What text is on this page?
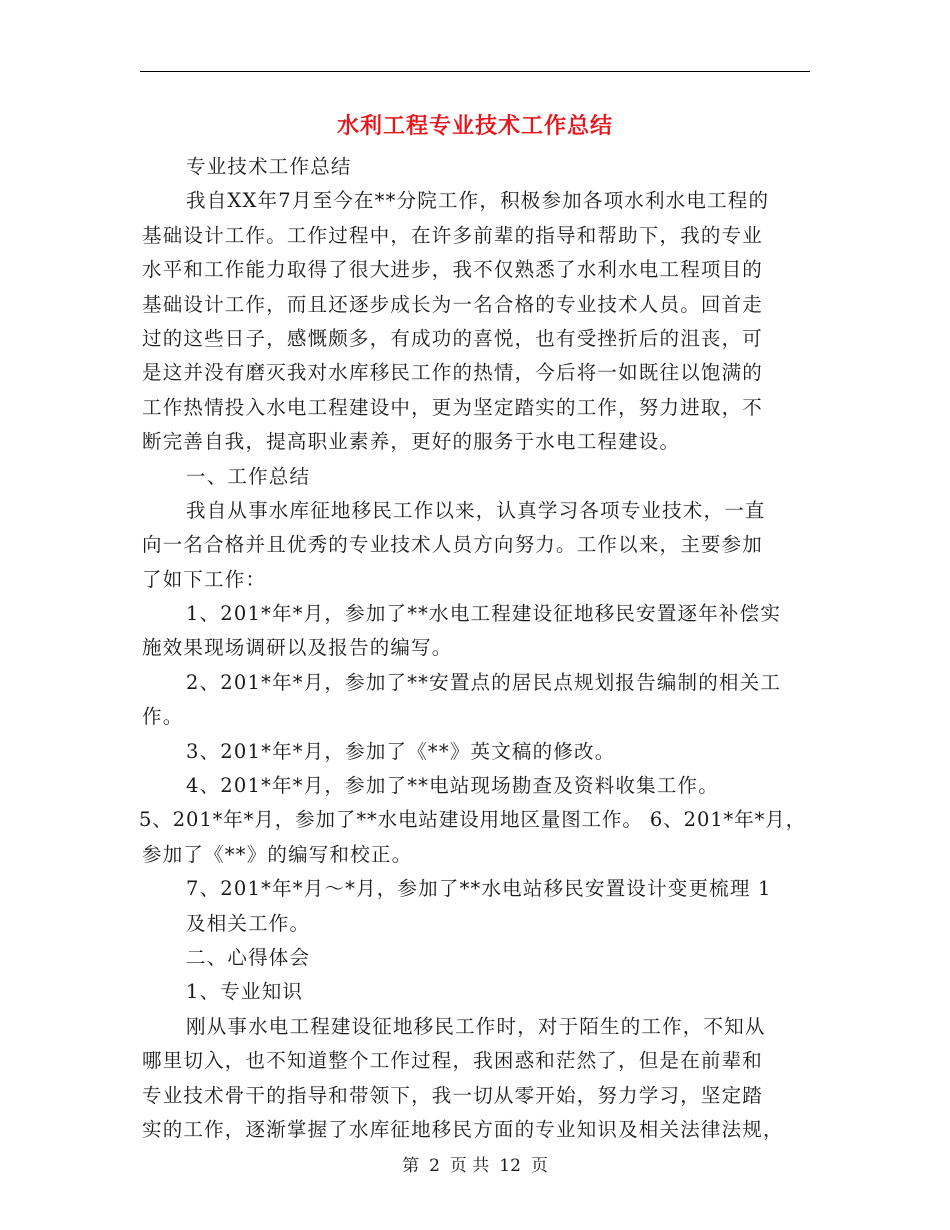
水利工程专业技术工作总结
专业技术工作总结
我自XX年7月至今在**分院工作，积极参加各项水利水电工程的
基础设计工作。工作过程中，在许多前辈的指导和帮助下，我的专业
水平和工作能力取得了很大进步，我不仅熟悉了水利水电工程项目的
基础设计工作，而且还逐步成长为一名合格的专业技术人员。回首走
过的这些日子，感慨颇多，有成功的喜悦，也有受挫折后的沮丧，可
是这并没有磨灭我对水库移民工作的热情，今后将一如既往以饱满的
工作热情投入水电工程建设中，更为坚定踏实的工作，努力进取，不
断完善自我，提高职业素养，更好的服务于水电工程建设。
一、工作总结
我自从事水库征地移民工作以来，认真学习各项专业技术，一直
向一名合格并且优秀的专业技术人员方向努力。工作以来，主要参加
了如下工作：
1、201*年*月，参加了**水电工程建设征地移民安置逐年补偿实
施效果现场调研以及报告的编写。
2、201*年*月，参加了**安置点的居民点规划报告编制的相关工
作。
3、201*年*月，参加了《**》英文稿的修改。
4、201*年*月，参加了**电站现场勘查及资料收集工作。
5、201*年*月，参加了**水电站建设用地区量图工作。 6、201*年*月，
参加了《**》的编写和校正。
7、201*年*月～*月，参加了**水电站移民安置设计变更梳理 1
及相关工作。
二、心得体会
1、专业知识
刚从事水电工程建设征地移民工作时，对于陌生的工作，不知从
哪里切入，也不知道整个工作过程，我困惑和茫然了，但是在前辈和
专业技术骨干的指导和带领下，我一切从零开始，努力学习，坚定踏
实的工作，逐渐掌握了水库征地移民方面的专业知识及相关法律法规，
第 2 页 共 12 页
